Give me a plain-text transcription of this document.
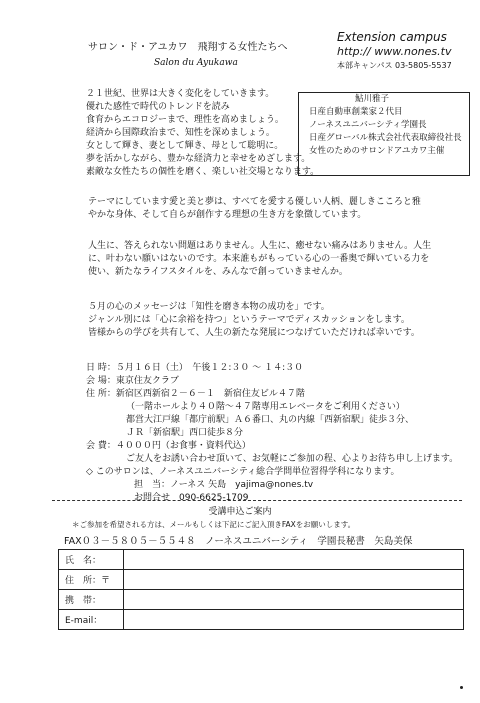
サロン・ド・アユカワ　飛翔する女性たちへ
Salon du Ayukawa
Extension campus
http:// www.nones.tv
本部キャンパス 03-5805-5537
２１世紀、世界は大きく変化をしていきます。
優れた感性で時代のトレンドを読み
食育からエコロジーまで、理性を高めましょう。
経済から国際政治まで、知性を深めましょう。
女として輝き、妻として輝き、母として聡明に。
夢を活かしながら、豊かな経済力と幸せをめざします。
素敵な女性たちの個性を磨く、楽しい社交場となります。
鮎川雅子
日産自動車創業家２代目
ノーネスユニバーシティ学園長
日産グローバル株式会社代表取締役社長
女性のためのサロンドアユカワ主催
テーマにしています愛と美と夢は、すべてを愛する優しい人柄、麗しきこころと雅
やかな身体、そして自らが創作する理想の生き方を象徴しています。
人生に、答えられない問題はありません。人生に、癒せない痛みはありません。人生
に、叶わない願いはないのです。本来誰もがもっている心の一番奥で輝いている力を
使い、新たなライフスタイルを、みんなで創っていきませんか。
５月の心のメッセージは「知性を磨き本物の成功を」です。
ジャンル別には「心に余裕を持つ」というテーマでディスカッションをします。
皆様からの学びを共有して、人生の新たな発展につなげていただければ幸いです。
日 時：５月１６日（土）　午後１２:３０ ～ １４:３０
会 場：東京住友クラブ
住 所：新宿区西新宿２－６－１　新宿住友ビル４７階
（一階ホールより４０階～４７階専用エレベータをご利用ください）
都営大江戸線「都庁前駅」Ａ６番口、丸の内線「西新宿駅」徒歩３分、
ＪＲ「新宿駅」西口徒歩８分
会 費：４０００円（お食事・資料代込）
ご友人をお誘い合わせ頂いて、お気軽にご参加の程、心よりお待ち申し上げます。
◇ このサロンは、ノーネスユニバーシティ総合学問単位習得学科になります。
担　当：ノーネス 矢島　yajima@nones.tv
お問合せ　090-6625-1709
受講申込ご案内
＊ご参加を希望される方は、メールもしくは下記にご記入頂きFAXをお願いします。
FAX０３－５８０５－５５４８　ノーネスユニバーシティ　学園長秘書　矢島美保
氏　名：	
住　所：〒	
携　帯：	
E-mail：	
